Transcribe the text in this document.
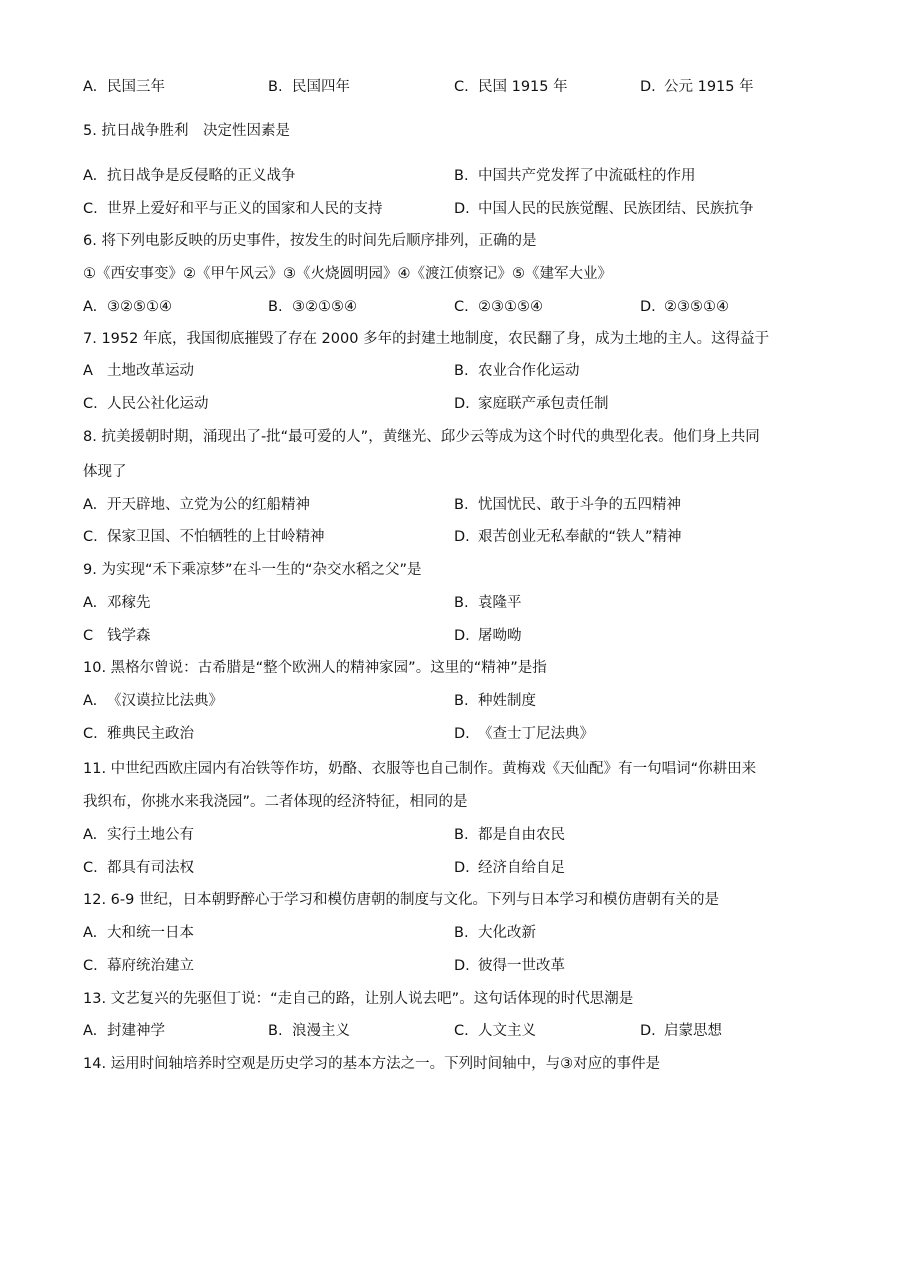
A. 民国三年	B. 民国四年	C. 民国 1915 年	D. 公元 1915 年
5. 抗日战争胜利　决定性因素是
A. 抗日战争是反侵略的正义战争	B. 中国共产党发挥了中流砥柱的作用
C. 世界上爱好和平与正义的国家和人民的支持	D. 中国人民的民族觉醒、民族团结、民族抗争
6. 将下列电影反映的历史事件，按发生的时间先后顺序排列，正确的是
①《西安事变》②《甲午风云》③《火烧圆明园》④《渡江侦察记》⑤《建军大业》
A. ③②⑤①④	B. ③②①⑤④	C. ②③①⑤④	D. ②③⑤①④
7. 1952 年底，我国彻底摧毁了存在 2000 多年的封建土地制度，农民翻了身，成为土地的主人。这得益于
A 土地改革运动	B. 农业合作化运动
C. 人民公社化运动	D. 家庭联产承包责任制
8. 抗美援朝时期，涌现出了-批“最可爱的人”，黄继光、邱少云等成为这个时代的典型化表。他们身上共同
体现了
A. 开天辟地、立党为公的红船精神	B. 忧国忧民、敢于斗争的五四精神
C. 保家卫国、不怕牺牲的上甘岭精神	D. 艰苦创业无私奉献的“铁人”精神
9. 为实现“禾下乘凉梦”在斗一生的“杂交水稻之父”是
A. 邓稼先	B. 袁隆平
C 钱学森	D. 屠呦呦
10. 黑格尔曾说：古希腊是“整个欧洲人的精神家园”。这里的“精神”是指
A. 《汉谟拉比法典》	B. 种姓制度
C. 雅典民主政治	D. 《查士丁尼法典》
11. 中世纪西欧庄园内有冶铁等作坊，奶酪、衣服等也自己制作。黄梅戏《天仙配》有一句唱词“你耕田来
我织布，你挑水来我浇园”。二者体现的经济特征，相同的是
A. 实行土地公有	B. 都是自由农民
C. 都具有司法权	D. 经济自给自足
12. 6-9 世纪，日本朝野醉心于学习和模仿唐朝的制度与文化。下列与日本学习和模仿唐朝有关的是
A. 大和统一日本	B. 大化改新
C. 幕府统治建立	D. 彼得一世改革
13. 文艺复兴的先驱但丁说：“走自己的路，让别人说去吧”。这句话体现的时代思潮是
A. 封建神学	B. 浪漫主义	C. 人文主义	D. 启蒙思想
14. 运用时间轴培养时空观是历史学习的基本方法之一。下列时间轴中，与③对应的事件是
